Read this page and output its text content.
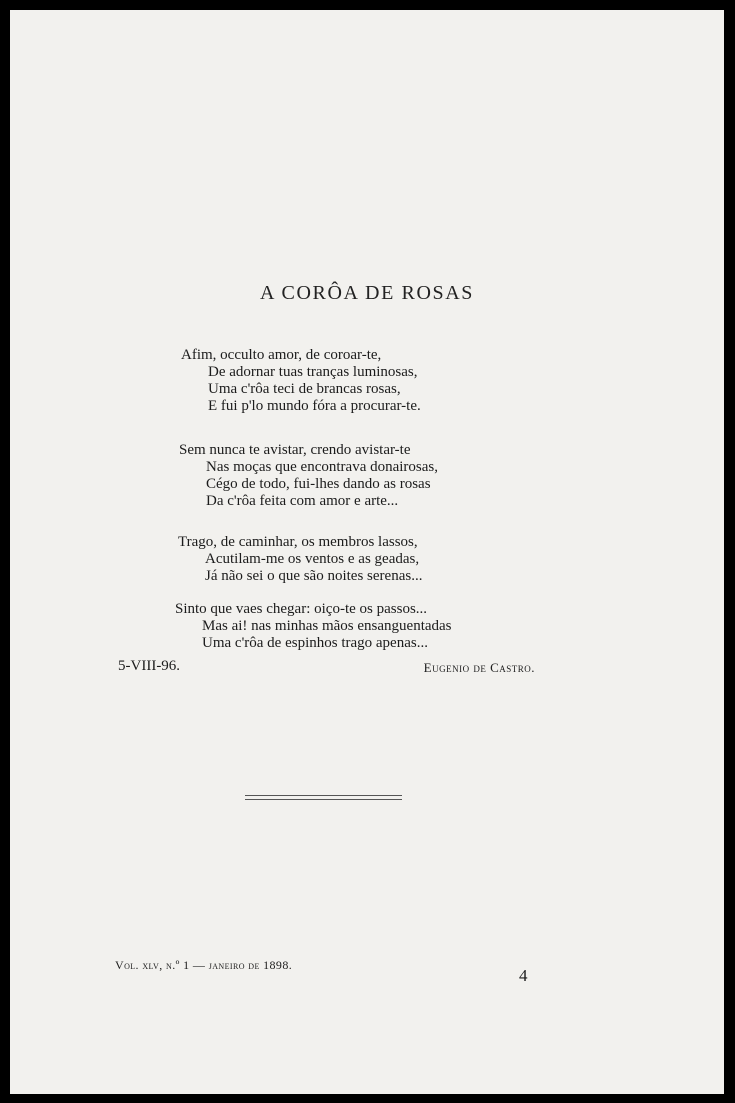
A CORÔA DE ROSAS
Afim, occulto amor, de coroar-te,
De adornar tuas tranças luminosas,
Uma c'rôa teci de brancas rosas,
E fui p'lo mundo fóra a procurar-te.
Sem nunca te avistar, crendo avistar-te
Nas moças que encontrava donairosas,
Cégo de todo, fui-lhes dando as rosas
Da c'rôa feita com amor e arte...
Trago, de caminhar, os membros lassos,
Acutilam-me os ventos e as geadas,
Já não sei o que são noites serenas...
Sinto que vaes chegar: oiço-te os passos...
Mas ai! nas minhas mãos ensanguentadas
Uma c'rôa de espinhos trago apenas...
5-VIII-96.	Eugenio de Castro.
Vol. xlv, n.º 1 — janeiro de 1898.
4
